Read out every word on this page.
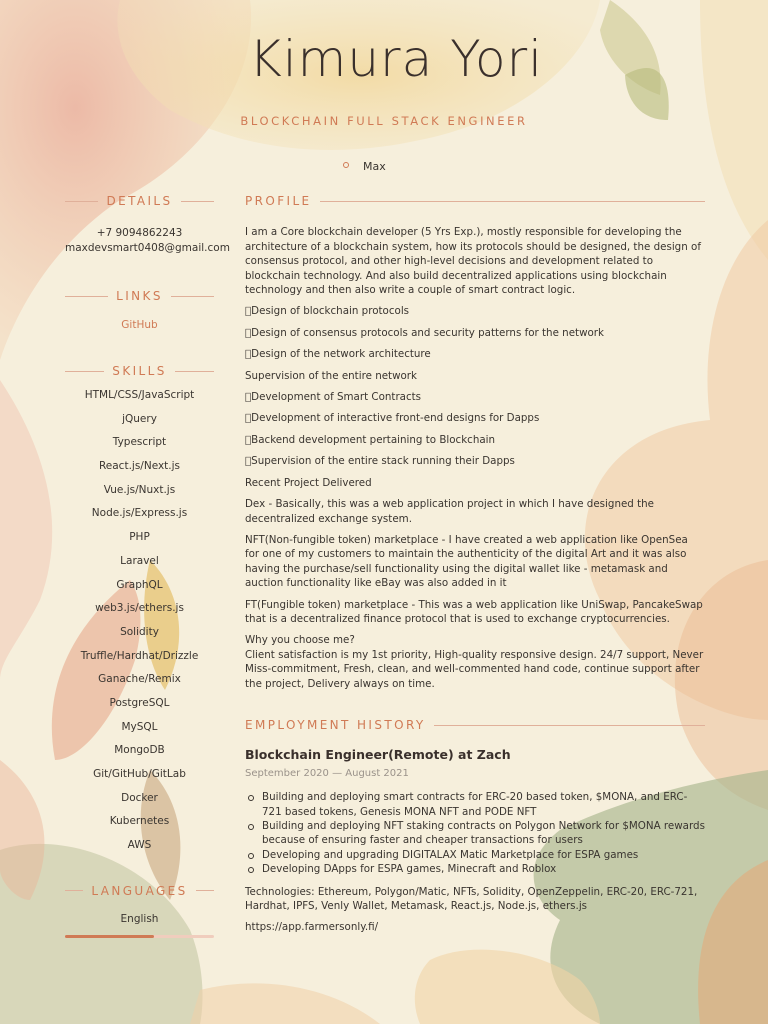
Kimura Yori
BLOCKCHAIN FULL STACK ENGINEER
Max
DETAILS
+7 9094862243
maxdevsmart0408@gmail.com
LINKS
GitHub
SKILLS
HTML/CSS/JavaScript
jQuery
Typescript
React.js/Next.js
Vue.js/Nuxt.js
Node.js/Express.js
PHP
Laravel
GraphQL
web3.js/ethers.js
Solidity
Truffle/Hardhat/Drizzle
Ganache/Remix
PostgreSQL
MySQL
MongoDB
Git/GitHub/GitLab
Docker
Kubernetes
AWS
LANGUAGES
English
PROFILE

I am a Core blockchain developer (5 Yrs Exp.), mostly responsible for developing the architecture of a blockchain system, how its protocols should be designed, the design of consensus protocol, and other high-level decisions and development related to blockchain technology. And also build decentralized applications using blockchain technology and then also write a couple of smart contract logic.

􏰀Design of blockchain protocols

􏰀Design of consensus protocols and security patterns for the network

􏰀Design of the network architecture

Supervision of the entire network

􏰀Development of Smart Contracts

􏰀Development of interactive front-end designs for Dapps

􏰀Backend development pertaining to Blockchain

􏰀Supervision of the entire stack running their Dapps

Recent Project Delivered

Dex - Basically, this was a web application project in which I have designed the decentralized exchange system.

NFT(Non-fungible token) marketplace - I have created a web application like OpenSea for one of my customers to maintain the authenticity of the digital Art and it was also having the purchase/sell functionality using the digital wallet like - metamask and auction functionality like eBay was also added in it

FT(Fungible token) marketplace - This was a web application like UniSwap, PancakeSwap that is a decentralized finance protocol that is used to exchange cryptocurrencies.

Why you choose me?

Client satisfaction is my 1st priority, High-quality responsive design. 24/7 support, Never Miss-commitment, Fresh, clean, and well-commented hand code, continue support after the project, Delivery always on time.

EMPLOYMENT HISTORY
Blockchain Engineer(Remote) at Zach
September 2020 — August 2021
Building and deploying smart contracts for ERC-20 based token, $MONA, and ERC-721 based tokens, Genesis MONA NFT and PODE NFT
Building and deploying NFT staking contracts on Polygon Network for $MONA rewards because of ensuring faster and cheaper transactions for users
Developing and upgrading DIGITALAX Matic Marketplace for ESPA games
Developing DApps for ESPA games, Minecraft and Roblox

Technologies: Ethereum, Polygon/Matic, NFTs, Solidity, OpenZeppelin, ERC-20, ERC-721, Hardhat, IPFS, Venly Wallet, Metamask, React.js, Node.js, ethers.js

https://app.farmersonly.fi/
